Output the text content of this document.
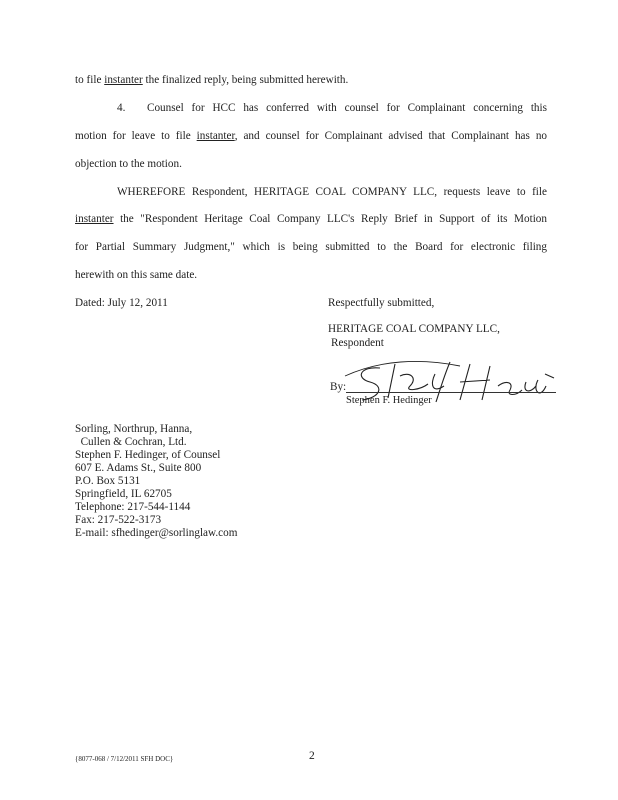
to file instanter the finalized reply, being submitted herewith.
4. Counsel for HCC has conferred with counsel for Complainant concerning this
motion for leave to file instanter, and counsel for Complainant advised that Complainant has no
objection to the motion.
WHEREFORE Respondent, HERITAGE COAL COMPANY LLC, requests leave to file
instanter the "Respondent Heritage Coal Company LLC's Reply Brief in Support of its Motion
for Partial Summary Judgment," which is being submitted to the Board for electronic filing
herewith on this same date.
Dated: July 12, 2011	Respectfully submitted,
HERITAGE COAL COMPANY LLC,
Respondent
By:
Stephen F. Hedinger
Sorling, Northrup, Hanna,
Cullen & Cochran, Ltd.
Stephen F. Hedinger, of Counsel
607 E. Adams St., Suite 800
P.O. Box 5131
Springfield, IL 62705
Telephone: 217-544-1144
Fax: 217-522-3173
E-mail: sfhedinger@sorlinglaw.com
{8077-068 / 7/12/2011 SFH DOC}	2
